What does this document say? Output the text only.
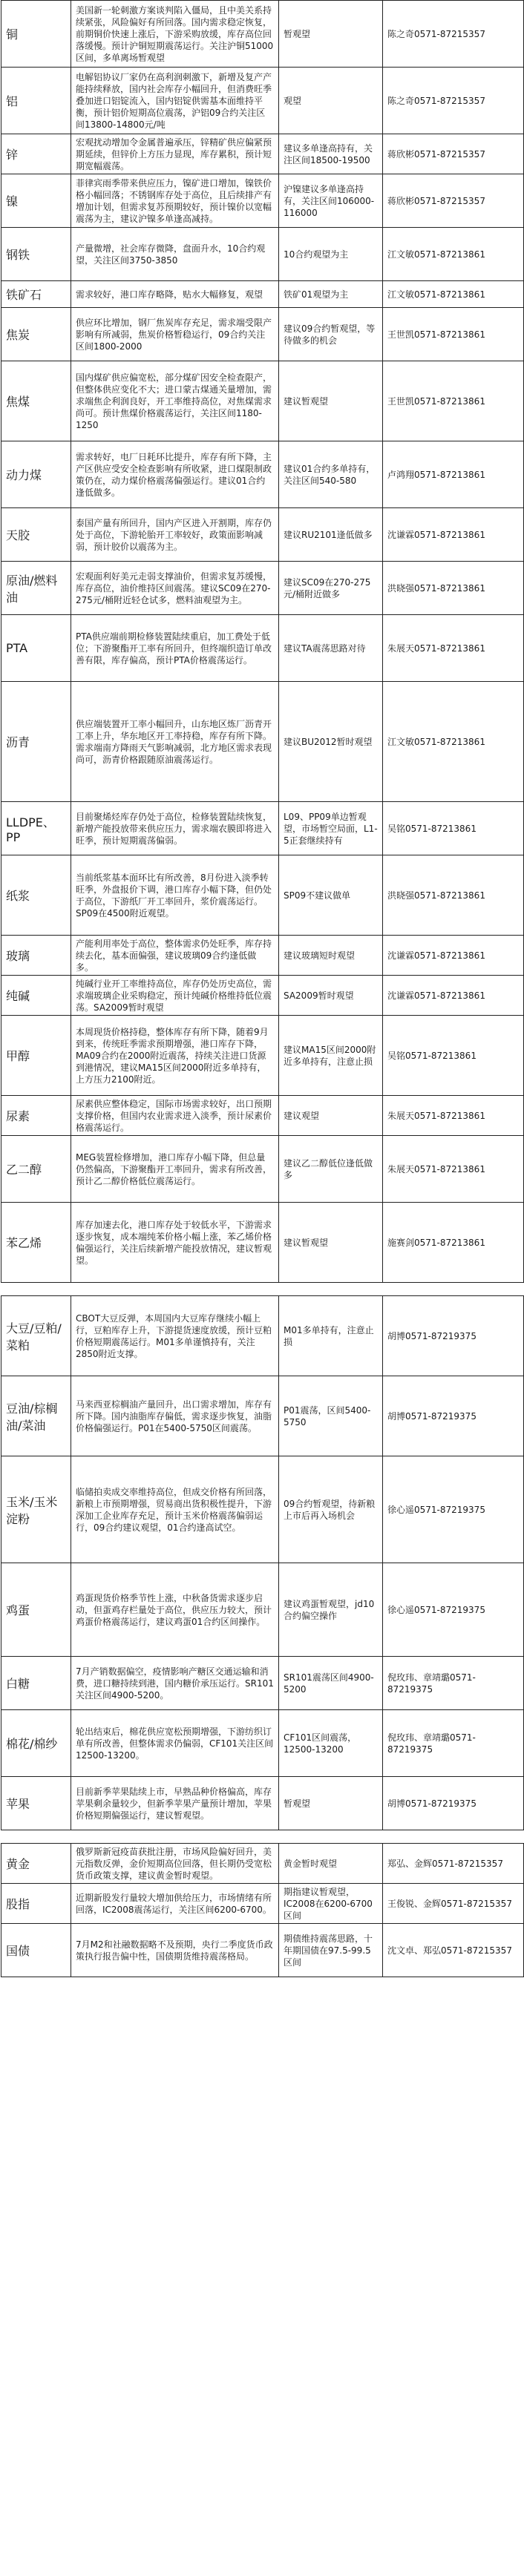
铜	美国新一轮刺激方案谈判陷入僵局，且中美关系持续紧张，风险偏好有所回落。国内需求稳定恢复，前期铜价快速上涨后，下游采购放缓，库存高位回落缓慢。预计沪铜短期震荡运行。关注沪铜51000区间，多单离场暂观望	暂观望	陈之奇0571-87215357
铝	电解铝协议厂家仍在高利润刺激下，新增及复产产能持续释放，国内社会库存小幅回升，但消费旺季叠加进口铝锭流入，国内铝锭供需基本面维持平衡，预计铝价短期高位震荡，沪铝09合约关注区间13800-14800元/吨	观望	陈之奇0571-87215357
锌	宏观扰动增加令金属普遍承压，锌精矿供应偏紧预期延续，但锌价上方压力显现，库存累积，预计短期宽幅震荡。	建议多单逢高持有，关注区间18500-19500	蒋欣彬0571-87215357
镍	菲律宾雨季带来供应压力，镍矿进口增加，镍铁价格小幅回落；不锈钢库存处于高位，且后续排产有增加计划，但需求复苏预期较好，预计镍价以宽幅震荡为主，建议沪镍多单逢高减持。	沪镍建议多单逢高持有，关注区间106000-116000	蒋欣彬0571-87215357
钢铁	产量微增，社会库存微降，盘面升水，10合约观望，关注区间3750-3850	10合约观望为主	江文敏0571-87213861
铁矿石	需求较好，港口库存略降，贴水大幅修复，观望	铁矿01观望为主	江文敏0571-87213861
焦炭	供应环比增加，钢厂焦炭库存充足，需求端受限产影响有所减弱，焦炭价格暂稳运行，09合约关注区间1800-2000	建议09合约暂观望，等待做多的机会	王世凯0571-87213861
焦煤	国内煤矿供应偏宽松，部分煤矿因安全检查限产，但整体供应变化不大；进口蒙古煤通关量增加，需求端焦企利润良好，开工率维持高位，对焦煤需求尚可。预计焦煤价格震荡运行，关注区间1180-1250	建议暂观望	王世凯0571-87213861
动力煤	需求转好，电厂日耗环比提升，库存有所下降，主产区供应受安全检查影响有所收紧，进口煤限制政策仍在，动力煤价格震荡偏强运行。建议01合约逢低做多。	建议01合约多单持有，关注区间540-580	卢鸿翔0571-87213861
天胶	泰国产量有所回升，国内产区进入开割期，库存仍处于高位，下游轮胎开工率较好，政策面影响减弱，预计胶价以震荡为主。	建议RU2101逢低做多	沈谦霖0571-87213861
原油/燃料油	宏观面利好美元走弱支撑油价，但需求复苏缓慢，库存高位，油价维持区间震荡。建议SC09在270-275元/桶附近轻仓试多，燃料油观望为主。	建议SC09在270-275元/桶附近做多	洪晓强0571-87213861
PTA	PTA供应端前期检修装置陆续重启，加工费处于低位；下游聚酯开工率有所回升，但终端织造订单改善有限，库存偏高，预计PTA价格震荡运行。	建议TA震荡思路对待	朱展天0571-87213861
沥青	供应端装置开工率小幅回升，山东地区炼厂沥青开工率上升，华东地区开工率持稳，库存有所下降。需求端南方降雨天气影响减弱，北方地区需求表现尚可，沥青价格跟随原油震荡运行。	建议BU2012暂时观望	江文敏0571-87213861
LLDPE、PP	目前聚烯烃库存仍处于高位，检修装置陆续恢复，新增产能投放带来供应压力，需求端农膜即将进入旺季，预计短期震荡偏弱。	L09、PP09单边暂观望，市场暂空局面，L1-5正套继续持有	吴铭0571-87213861
纸浆	当前纸浆基本面环比有所改善，8月份进入淡季转旺季，外盘报价下调，港口库存小幅下降，但仍处于高位，下游纸厂开工率回升，浆价震荡运行。SP09在4500附近观望。	SP09不建议做单	洪晓强0571-87213861
玻璃	产能利用率处于高位，整体需求仍处旺季，库存持续去化，基本面偏强，建议玻璃09合约逢低做多。	建议玻璃短时观望	沈谦霖0571-87213861
纯碱	纯碱行业开工率维持高位，库存仍处历史高位，需求端玻璃企业采购稳定，预计纯碱价格维持低位震荡。SA2009暂时观望	SA2009暂时观望	沈谦霖0571-87213861
甲醇	本周现货价格持稳，整体库存有所下降，随着9月到来，传统旺季需求预期增强，港口库存下降，MA09合约在2000附近震荡，持续关注进口货源到港情况，建议MA15区间2000附近多单持有，上方压力2100附近。	建议MA15区间2000附近多单持有，注意止损	吴铭0571-87213861
尿素	尿素供应整体稳定，国际市场需求较好，出口预期支撑价格，但国内农业需求进入淡季，预计尿素价格震荡运行。	建议观望	朱展天0571-87213861
乙二醇	MEG装置检修增加，港口库存小幅下降，但总量仍然偏高，下游聚酯开工率回升，需求有所改善，预计乙二醇价格低位震荡运行。	建议乙二醇低位逢低做多	朱展天0571-87213861
苯乙烯	库存加速去化，港口库存处于较低水平，下游需求逐步恢复，成本端纯苯价格小幅上涨，苯乙烯价格偏强运行，关注后续新增产能投放情况，建议暂观望。	建议暂观望	施赛剑0571-87213861

大豆/豆粕/菜粕	CBOT大豆反弹，本周国内大豆库存继续小幅上行，豆粕库存上升，下游提货速度放缓，预计豆粕价格短期震荡运行。M01多单谨慎持有，关注2850附近支撑。	M01多单持有，注意止损	胡博0571-87219375
豆油/棕榈油/菜油	马来西亚棕榈油产量回升，出口需求增加，库存有所下降。国内油脂库存偏低，需求逐步恢复，油脂价格偏强运行。P01在5400-5750区间震荡。	P01震荡，区间5400-5750	胡博0571-87219375
玉米/玉米淀粉	临储拍卖成交率维持高位，但成交价格有所回落，新粮上市预期增强，贸易商出货积极性提升，下游深加工企业库存充足，预计玉米价格震荡偏弱运行，09合约建议观望，01合约逢高试空。	09合约暂观望，待新粮上市后再入场机会	徐心遥0571-87219375
鸡蛋	鸡蛋现货价格季节性上涨，中秋备货需求逐步启动，但蛋鸡存栏量处于高位，供应压力较大，预计鸡蛋价格震荡运行，建议鸡蛋01合约区间操作。	建议鸡蛋暂观望，jd10合约偏空操作	徐心遥0571-87219375
白糖	7月产销数据偏空，疫情影响产糖区交通运输和消费，进口糖持续到港，国内糖价承压运行。SR101关注区间4900-5200。	SR101震荡区间4900-5200	倪玫玮、章靖璐0571-87219375
棉花/棉纱	轮出结束后，棉花供应宽松预期增强，下游纺织订单有所改善，但整体需求仍偏弱，CF101关注区间12500-13200。	CF101区间震荡，12500-13200	倪玫玮、章靖璐0571-87219375
苹果	目前新季苹果陆续上市，早熟品种价格偏高，库存苹果剩余量较少，但新季苹果产量预计增加，苹果价格短期偏强运行，建议暂观望。	暂观望	胡博0571-87219375

黄金	俄罗斯新冠疫苗获批注册，市场风险偏好回升，美元指数反弹，金价短期高位回落，但长期仍受宽松货币政策支撑，建议黄金暂时观望。	黄金暂时观望	郑弘、金辉0571-87215357
股指	近期新股发行量较大增加供给压力，市场情绪有所回落，IC2008震荡运行，关注区间6200-6700。	期指建议暂观望，IC2008在6200-6700区间	王俊锐、金辉0571-87215357
国债	7月M2和社融数据略不及预期，央行二季度货币政策执行报告偏中性，国债期货维持震荡格局。	期债维持震荡思路，十年期国债在97.5-99.5区间	沈文卓、郑弘0571-87215357
